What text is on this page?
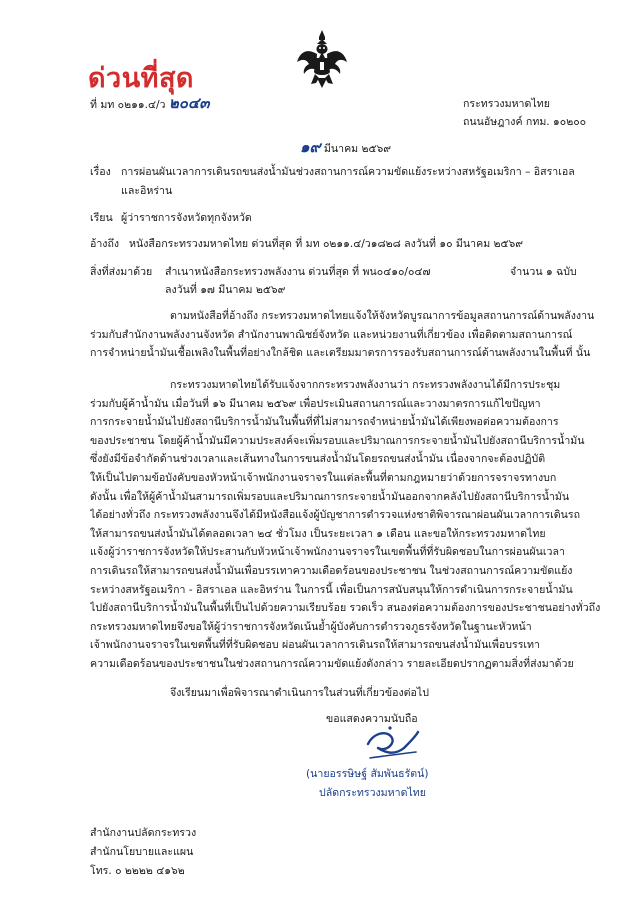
ด่วนที่สุด
ที่ มท ๐๒๑๑.๔/ว ๒๐๔๓	กระทรวงมหาดไทย
ถนนอัษฎางค์ กทม. ๑๐๒๐๐
๑๙ มีนาคม ๒๕๖๙
เรื่อง การผ่อนผันเวลาการเดินรถขนส่งน้ำมันช่วงสถานการณ์ความขัดแย้งระหว่างสหรัฐอเมริกา – อิสราเอล
และอิหร่าน
เรียน ผู้ว่าราชการจังหวัดทุกจังหวัด
อ้างถึง หนังสือกระทรวงมหาดไทย ด่วนที่สุด ที่ มท ๐๒๑๑.๔/ว๑๘๒๘ ลงวันที่ ๑๐ มีนาคม ๒๕๖๙
สิ่งที่ส่งมาด้วย สำเนาหนังสือกระทรวงพลังงาน ด่วนที่สุด ที่ พน๐๔๑๐/๐๔๗	จำนวน ๑ ฉบับ
ลงวันที่ ๑๗ มีนาคม ๒๕๖๙
ตามหนังสือที่อ้างถึง กระทรวงมหาดไทยแจ้งให้จังหวัดบูรณาการข้อมูลสถานการณ์ด้านพลังงาน
ร่วมกับสำนักงานพลังงานจังหวัด สำนักงานพาณิชย์จังหวัด และหน่วยงานที่เกี่ยวข้อง เพื่อติดตามสถานการณ์
การจำหน่ายน้ำมันเชื้อเพลิงในพื้นที่อย่างใกล้ชิด และเตรียมมาตรการรองรับสถานการณ์ด้านพลังงานในพื้นที่ นั้น
กระทรวงมหาดไทยได้รับแจ้งจากกระทรวงพลังงานว่า กระทรวงพลังงานได้มีการประชุม
ร่วมกับผู้ค้าน้ำมัน เมื่อวันที่ ๑๖ มีนาคม ๒๕๖๙ เพื่อประเมินสถานการณ์และวางมาตรการแก้ไขปัญหา
การกระจายน้ำมันไปยังสถานีบริการน้ำมันในพื้นที่ที่ไม่สามารถจำหน่ายน้ำมันได้เพียงพอต่อความต้องการ
ของประชาชน โดยผู้ค้าน้ำมันมีความประสงค์จะเพิ่มรอบและปริมาณการกระจายน้ำมันไปยังสถานีบริการน้ำมัน
ซึ่งยังมีข้อจำกัดด้านช่วงเวลาและเส้นทางในการขนส่งน้ำมันโดยรถขนส่งน้ำมัน เนื่องจากจะต้องปฏิบัติ
ให้เป็นไปตามข้อบังคับของหัวหน้าเจ้าพนักงานจราจรในแต่ละพื้นที่ตามกฎหมายว่าด้วยการจราจรทางบก
ดังนั้น เพื่อให้ผู้ค้าน้ำมันสามารถเพิ่มรอบและปริมาณการกระจายน้ำมันออกจากคลังไปยังสถานีบริการน้ำมัน
ได้อย่างทั่วถึง กระทรวงพลังงานจึงได้มีหนังสือแจ้งผู้บัญชาการตำรวจแห่งชาติพิจารณาผ่อนผันเวลาการเดินรถ
ให้สามารถขนส่งน้ำมันได้ตลอดเวลา ๒๔ ชั่วโมง เป็นระยะเวลา ๑ เดือน และขอให้กระทรวงมหาดไทย
แจ้งผู้ว่าราชการจังหวัดให้ประสานกับหัวหน้าเจ้าพนักงานจราจรในเขตพื้นที่ที่รับผิดชอบในการผ่อนผันเวลา
การเดินรถให้สามารถขนส่งน้ำมันเพื่อบรรเทาความเดือดร้อนของประชาชน ในช่วงสถานการณ์ความขัดแย้ง
ระหว่างสหรัฐอเมริกา - อิสราเอล และอิหร่าน ในการนี้ เพื่อเป็นการสนับสนุนให้การดำเนินการกระจายน้ำมัน
ไปยังสถานีบริการน้ำมันในพื้นที่เป็นไปด้วยความเรียบร้อย รวดเร็ว สนองต่อความต้องการของประชาชนอย่างทั่วถึง
กระทรวงมหาดไทยจึงขอให้ผู้ว่าราชการจังหวัดเน้นย้ำผู้บังคับการตำรวจภูธรจังหวัดในฐานะหัวหน้า
เจ้าพนักงานจราจรในเขตพื้นที่ที่รับผิดชอบ ผ่อนผันเวลาการเดินรถให้สามารถขนส่งน้ำมันเพื่อบรรเทา
ความเดือดร้อนของประชาชนในช่วงสถานการณ์ความขัดแย้งดังกล่าว รายละเอียดปรากฏตามสิ่งที่ส่งมาด้วย
จึงเรียนมาเพื่อพิจารณาดำเนินการในส่วนที่เกี่ยวข้องต่อไป
ขอแสดงความนับถือ
(นายอรรษิษฐ์ สัมพันธรัตน์)
ปลัดกระทรวงมหาดไทย
สำนักงานปลัดกระทรวง
สำนักนโยบายและแผน
โทร. ๐ ๒๒๒๒ ๔๑๖๒
